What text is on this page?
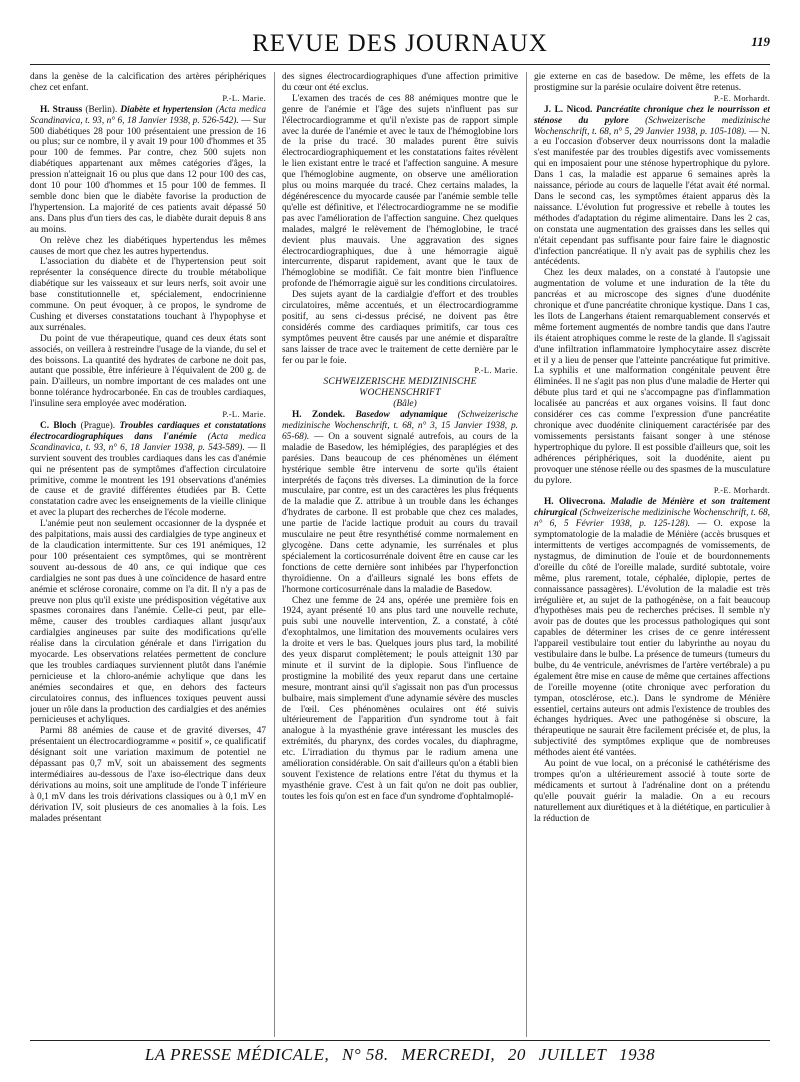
REVUE DES JOURNAUX	119

dans la genèse de la calcification des artères périphériques chez cet enfant.

P.-L. Marie.

H. Strauss (Berlin). Diabète et hypertension (Acta medica Scandinavica, t. 93, n° 6, 18 Janvier 1938, p. 526-542). — Sur 500 diabétiques 28 pour 100 présentaient une pression de 16 ou plus; sur ce nombre, il y avait 19 pour 100 d'hommes et 35 pour 100 de femmes. Par contre, chez 500 sujets non diabétiques appartenant aux mêmes catégories d'âges, la pression n'atteignait 16 ou plus que dans 12 pour 100 des cas, dont 10 pour 100 d'hommes et 15 pour 100 de femmes. Il semble donc bien que le diabète favorise la production de l'hypertension. La majorité de ces patients avait dépassé 50 ans. Dans plus d'un tiers des cas, le diabète durait depuis 8 ans au moins.

On relève chez les diabétiques hypertendus les mêmes causes de mort que chez les autres hypertendus.

L'association du diabète et de l'hypertension peut soit représenter la conséquence directe du trouble métabolique diabétique sur les vaisseaux et sur leurs nerfs, soit avoir une base constitutionnelle et, spécialement, endocrinienne commune. On peut évoquer, à ce propos, le syndrome de Cushing et diverses constatations touchant à l'hypophyse et aux surrénales.

Du point de vue thérapeutique, quand ces deux états sont associés, on veillera à restreindre l'usage de la viande, du sel et des boissons. La quantité des hydrates de carbone ne doit pas, autant que possible, être inférieure à l'équivalent de 200 g. de pain. D'ailleurs, un nombre important de ces malades ont une bonne tolérance hydrocarbonée. En cas de troubles cardiaques, l'insuline sera employée avec modération.

P.-L. Marie.

C. Bloch (Prague). Troubles cardiaques et constatations électrocardiographiques dans l'anémie (Acta medica Scandinavica, t. 93, n° 6, 18 Janvier 1938, p. 543-589). — Il survient souvent des troubles cardiaques dans les cas d'anémie qui ne présentent pas de symptômes d'affection circulatoire primitive, comme le montrent les 191 observations d'anémies de cause et de gravité différentes étudiées par B. Cette constatation cadre avec les enseignements de la vieille clinique et avec la plupart des recherches de l'école moderne.

L'anémie peut non seulement occasionner de la dyspnée et des palpitations, mais aussi des cardialgies de type angineux et de la claudication intermittente. Sur ces 191 anémiques, 12 pour 100 présentaient ces symptômes, qui se montrèrent souvent au-dessous de 40 ans, ce qui indique que ces cardialgies ne sont pas dues à une coïncidence de hasard entre anémie et sclérose coronaire, comme on l'a dit. Il n'y a pas de preuve non plus qu'il existe une prédisposition végétative aux spasmes coronaires dans l'anémie. Celle-ci peut, par elle-même, causer des troubles cardiaques allant jusqu'aux cardialgies angineuses par suite des modifications qu'elle réalise dans la circulation générale et dans l'irrigation du myocarde. Les observations relatées permettent de conclure que les troubles cardiaques surviennent plutôt dans l'anémie pernicieuse et la chloro-anémie achylique que dans les anémies secondaires et que, en dehors des facteurs circulatoires connus, des influences toxiques peuvent aussi jouer un rôle dans la production des cardialgies et des anémies pernicieuses et achyliques.

Parmi 88 anémies de cause et de gravité diverses, 47 présentaient un électrocardiogramme « positif », ce qualificatif désignant soit une variation maximum de potentiel ne dépassant pas 0,7 mV, soit un abaissement des segments intermédiaires au-dessous de l'axe iso-électrique dans deux dérivations au moins, soit une amplitude de l'onde T inférieure à 0,1 mV dans les trois dérivations classiques ou à 0,1 mV en dérivation IV, soit plusieurs de ces anomalies à la fois. Les malades présentant

des signes électrocardiographiques d'une affection primitive du cœur ont été exclus.

L'examen des tracés de ces 88 anémiques montre que le genre de l'anémie et l'âge des sujets n'influent pas sur l'électrocardiogramme et qu'il n'existe pas de rapport simple avec la durée de l'anémie et avec le taux de l'hémoglobine lors de la prise du tracé. 30 malades purent être suivis électrocardiographiquement et les constatations faites révèlent le lien existant entre le tracé et l'affection sanguine. A mesure que l'hémoglobine augmente, on observe une amélioration plus ou moins marquée du tracé. Chez certains malades, la dégénérescence du myocarde causée par l'anémie semble telle qu'elle est définitive, et l'électrocardiogramme ne se modifie pas avec l'amélioration de l'affection sanguine. Chez quelques malades, malgré le relèvement de l'hémoglobine, le tracé devient plus mauvais. Une aggravation des signes électrocardiographiques, due à une hémorragie aiguë intercurrente, disparut rapidement, avant que le taux de l'hémoglobine se modifiât. Ce fait montre bien l'influence profonde de l'hémorragie aiguë sur les conditions circulatoires.

Des sujets ayant de la cardialgie d'effort et des troubles circulatoires, même accentués, et un électrocardiogramme positif, au sens ci-dessus précisé, ne doivent pas être considérés comme des cardiaques primitifs, car tous ces symptômes peuvent être causés par une anémie et disparaître sans laisser de trace avec le traitement de cette dernière par le fer ou par le foie.

P.-L. Marie.

SCHWEIZERISCHE MEDIZINISCHE WOCHENSCHRIFT

(Bâle)

H. Zondek. Basedow adynamique (Schweizerische medizinische Wochenschrift, t. 68, n° 3, 15 Janvier 1938, p. 65-68). — On a souvent signalé autrefois, au cours de la maladie de Basedow, les hémiplégies, des paraplégies et des parésies. Dans beaucoup de ces phénomènes un élément hystérique semble être intervenu de sorte qu'ils étaient interprétés de façons très diverses. La diminution de la force musculaire, par contre, est un des caractères les plus fréquents de la maladie que Z. attribue à un trouble dans les échanges d'hydrates de carbone. Il est probable que chez ces malades, une partie de l'acide lactique produit au cours du travail musculaire ne peut être resynthétisé comme normalement en glycogène. Dans cette adynamie, les surrénales et plus spécialement la corticosurrénale doivent être en cause car les fonctions de cette dernière sont inhibées par l'hyperfonction thyroïdienne. On a d'ailleurs signalé les bons effets de l'hormone corticosurrénale dans la maladie de Basedow.

Chez une femme de 24 ans, opérée une première fois en 1924, ayant présenté 10 ans plus tard une nouvelle rechute, puis subi une nouvelle intervention, Z. a constaté, à côté d'exophtalmos, une limitation des mouvements oculaires vers la droite et vers le bas. Quelques jours plus tard, la mobilité des yeux disparut complètement; le pouls atteignit 130 par minute et il survint de la diplopie. Sous l'influence de prostigmine la mobilité des yeux reparut dans une certaine mesure, montrant ainsi qu'il s'agissait non pas d'un processus bulbaire, mais simplement d'une adynamie sévère des muscles de l'œil. Ces phénomènes oculaires ont été suivis ultérieurement de l'apparition d'un syndrome tout à fait analogue à la myasthénie grave intéressant les muscles des extrémités, du pharynx, des cordes vocales, du diaphragme, etc. L'irradiation du thymus par le radium amena une amélioration considérable. On sait d'ailleurs qu'on a établi bien souvent l'existence de relations entre l'état du thymus et la myasthénie grave. C'est à un fait qu'on ne doit pas oublier, toutes les fois qu'on est en face d'un syndrome d'ophtalmoplé-

gie externe en cas de basedow. De même, les effets de la prostigmine sur la parésie oculaire doivent être retenus.

P.-E. Morhardt.

J. L. Nicod. Pancréatite chronique chez le nourrisson et sténose du pylore (Schweizerische medizinische Wochenschrift, t. 68, n° 5, 29 Janvier 1938, p. 105-108). — N. a eu l'occasion d'observer deux nourrissons dont la maladie s'est manifestée par des troubles digestifs avec vomissements qui en imposaient pour une sténose hypertrophique du pylore. Dans 1 cas, la maladie est apparue 6 semaines après la naissance, période au cours de laquelle l'état avait été normal. Dans le second cas, les symptômes étaient apparus dès la naissance. L'évolution fut progressive et rebelle à toutes les méthodes d'adaptation du régime alimentaire. Dans les 2 cas, on constata une augmentation des graisses dans les selles qui n'était cependant pas suffisante pour faire faire le diagnostic d'infection pancréatique. Il n'y avait pas de syphilis chez les antécédents.

Chez les deux malades, on a constaté à l'autopsie une augmentation de volume et une induration de la tête du pancréas et au microscope des signes d'une duodénite chronique et d'une pancréatite chronique kystique. Dans 1 cas, les îlots de Langerhans étaient remarquablement conservés et même fortement augmentés de nombre tandis que dans l'autre ils étaient atrophiques comme le reste de la glande. Il s'agissait d'une infiltration inflammatoire lymphocytaire assez discrète et il y a lieu de penser que l'atteinte pancréatique fut primitive. La syphilis et une malformation congénitale peuvent être éliminées. Il ne s'agit pas non plus d'une maladie de Herter qui débute plus tard et qui ne s'accompagne pas d'inflammation localisée au pancréas et aux organes voisins. Il faut donc considérer ces cas comme l'expression d'une pancréatite chronique avec duodénite cliniquement caractérisée par des vomissements persistants faisant songer à une sténose hypertrophique du pylore. Il est possible d'ailleurs que, soit les adhérences périphériques, soit la duodénite, aient pu provoquer une sténose réelle ou des spasmes de la musculature du pylore.

P.-E. Morhardt.

H. Olivecrona. Maladie de Ménière et son traitement chirurgical (Schweizerische medizinische Wochenschrift, t. 68, n° 6, 5 Février 1938, p. 125-128). — O. expose la symptomatologie de la maladie de Ménière (accès brusques et intermittents de vertiges accompagnés de vomissements, de nystagmus, de diminution de l'ouïe et de bourdonnements d'oreille du côté de l'oreille malade, surdité subtotale, voire même, plus rarement, totale, céphalée, diplopie, pertes de connaissance passagères). L'évolution de la maladie est très irrégulière et, au sujet de la pathogénèse, on a fait beaucoup d'hypothèses mais peu de recherches précises. Il semble n'y avoir pas de doutes que les processus pathologiques qui sont capables de déterminer les crises de ce genre intéressent l'appareil vestibulaire tout entier du labyrinthe au noyau du vestibulaire dans le bulbe. La présence de tumeurs (tumeurs du bulbe, du 4e ventricule, anévrismes de l'artère vertébrale) a pu également être mise en cause de même que certaines affections de l'oreille moyenne (otite chronique avec perforation du tympan, otosclérose, etc.). Dans le syndrome de Ménière essentiel, certains auteurs ont admis l'existence de troubles des échanges hydriques. Avec une pathogénèse si obscure, la thérapeutique ne saurait être facilement précisée et, de plus, la subjectivité des symptômes explique que de nombreuses méthodes aient été vantées.

Au point de vue local, on a préconisé le cathétérisme des trompes qu'on a ultérieurement associé à toute sorte de médicaments et surtout à l'adrénaline dont on a prétendu qu'elle pouvait guérir la maladie. On a eu recours naturellement aux diurétiques et à la diététique, en particulier à la réduction de

LA PRESSE MÉDICALE, N° 58. MERCREDI, 20 JUILLET 1938
